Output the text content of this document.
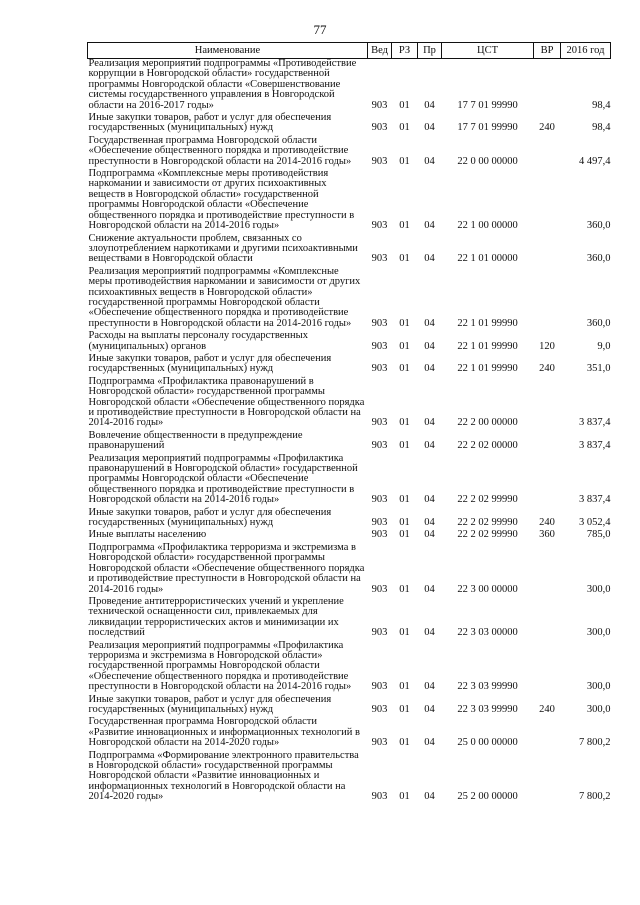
77
Наименование	Вед	РЗ	Пр	ЦСТ	ВР	2016 год
Реализация мероприятий подпрограммы «Противодействие коррупции в Новгородской области» государственной программы Новгородской области «Совершенствование системы государственного управления в Новгородской области на 2016-2017 годы»	903	01	04	17 7 01 99990		98,4
Иные закупки товаров, работ и услуг для обеспечения государственных (муниципальных) нужд	903	01	04	17 7 01 99990	240	98,4
Государственная программа Новгородской области «Обеспечение общественного порядка и противодействие преступности в Новгородской области на 2014-2016 годы»	903	01	04	22 0 00 00000		4 497,4
Подпрограмма «Комплексные меры противодействия наркомании и зависимости от других психоактивных веществ в Новгородской области» государственной программы Новгородской области «Обеспечение общественного порядка и противодействие преступности в Новгородской области на 2014-2016 годы»	903	01	04	22 1 00 00000		360,0
Снижение актуальности проблем, связанных со злоупотреблением наркотиками и другими психоактивными веществами в Новгородской области	903	01	04	22 1 01 00000		360,0
Реализация мероприятий подпрограммы «Комплексные меры противодействия наркомании и зависимости от других психоактивных веществ в Новгородской области» государственной программы Новгородской области «Обеспечение общественного порядка и противодействие преступности в Новгородской области на 2014-2016 годы»	903	01	04	22 1 01 99990		360,0
Расходы на выплаты персоналу государственных (муниципальных) органов	903	01	04	22 1 01 99990	120	9,0
Иные закупки товаров, работ и услуг для обеспечения государственных (муниципальных) нужд	903	01	04	22 1 01 99990	240	351,0
Подпрограмма «Профилактика правонарушений в Новгородской области» государственной программы Новгородской области «Обеспечение общественного порядка и противодействие преступности в Новгородской области на 2014-2016 годы»	903	01	04	22 2 00 00000		3 837,4
Вовлечение общественности в предупреждение правонарушений	903	01	04	22 2 02 00000		3 837,4
Реализация мероприятий подпрограммы «Профилактика правонарушений в Новгородской области» государственной программы Новгородской области «Обеспечение общественного порядка и противодействие преступности в Новгородской области на 2014-2016 годы»	903	01	04	22 2 02 99990		3 837,4
Иные закупки товаров, работ и услуг для обеспечения государственных (муниципальных) нужд	903	01	04	22 2 02 99990	240	3 052,4
Иные выплаты населению	903	01	04	22 2 02 99990	360	785,0
Подпрограмма «Профилактика терроризма и экстремизма в Новгородской области» государственной программы Новгородской области «Обеспечение общественного порядка и противодействие преступности в Новгородской области на 2014-2016 годы»	903	01	04	22 3 00 00000		300,0
Проведение антитеррористических учений и укрепление технической оснащенности сил, привлекаемых для ликвидации террористических актов и минимизации их последствий	903	01	04	22 3 03 00000		300,0
Реализация мероприятий подпрограммы «Профилактика терроризма и экстремизма в Новгородской области» государственной программы Новгородской области «Обеспечение общественного порядка и противодействие преступности в Новгородской области на 2014-2016 годы»	903	01	04	22 3 03 99990		300,0
Иные закупки товаров, работ и услуг для обеспечения государственных (муниципальных) нужд	903	01	04	22 3 03 99990	240	300,0
Государственная программа Новгородской области «Развитие инновационных и информационных технологий в Новгородской области на 2014-2020 годы»	903	01	04	25 0 00 00000		7 800,2
Подпрограмма «Формирование электронного правительства в Новгородской области» государственной программы Новгородской области «Развитие инновационных и информационных технологий в Новгородской области на 2014-2020 годы»	903	01	04	25 2 00 00000		7 800,2
